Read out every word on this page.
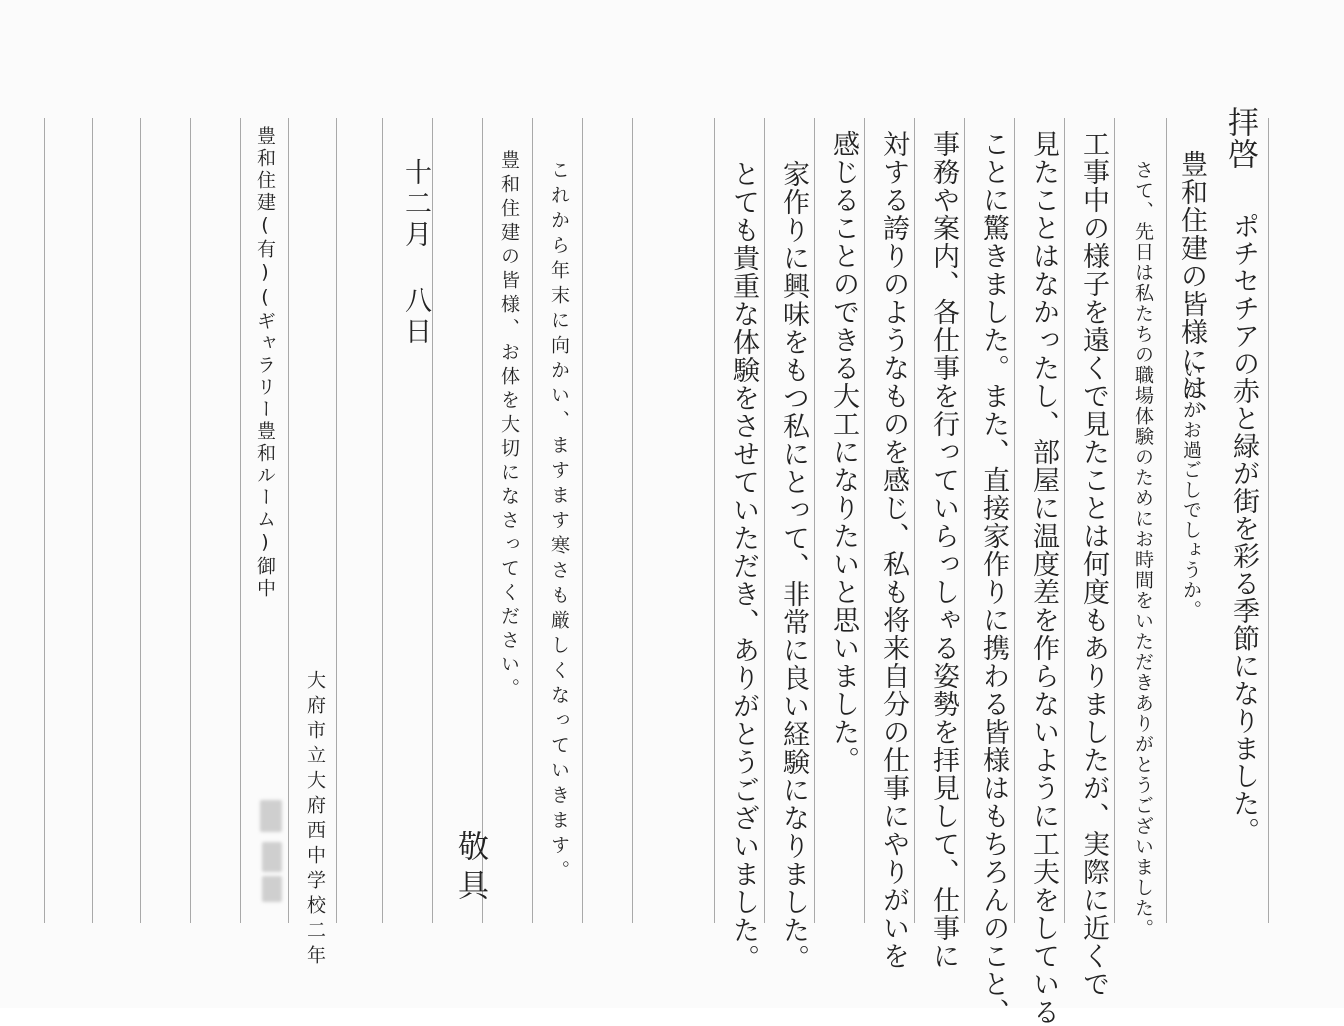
拝啓
ポチセチアの赤と緑が街を彩る季節になりました。
豊和住建の皆様には、
いかがお過ごしでしょうか。
さて、先日は私たちの職場体験のためにお時間をいただきありがとうございました。
工事中の様子を遠くで見たことは何度もありましたが、実際に近くで
見たことはなかったし、部屋に温度差を作らないように工夫をしている
ことに驚きました。また、直接家作りに携わる皆様はもちろんのこと、
事務や案内、各仕事を行っていらっしゃる姿勢を拝見して、仕事に
対する誇りのようなものを感じ、私も将来自分の仕事にやりがいを
感じることのできる大工になりたいと思いました。
家作りに興味をもつ私にとって、非常に良い経験になりました。
とても貴重な体験をさせていただき、ありがとうございました。
これから年末に向かい、ますます寒さも厳しくなっていきます。
豊和住建の皆様、お体を大切になさってください。
敬具
十二月 八日
豊和住建(有)(ギャラリー豊和ルーム)御中
大府市立大府西中学校二年
